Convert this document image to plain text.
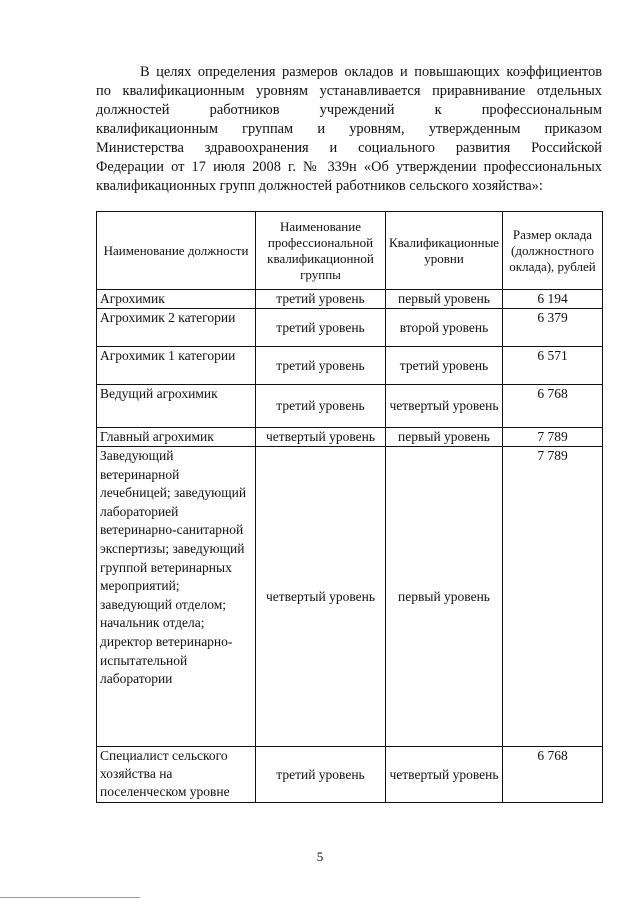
В целях определения размеров окладов и повышающих коэффициентов
по квалификационным уровням устанавливается приравнивание отдельных
должностей работников учреждений к профессиональным
квалификационным группам и уровням, утвержденным приказом
Министерства здравоохранения и социального развития Российской
Федерации от 17 июля 2008 г. № 339н «Об утверждении профессиональных
квалификационных групп должностей работников сельского хозяйства»:
Наименование должности	Наименование профессиональной квалификационной группы	Квалификационные уровни	Размер оклада (должностного оклада), рублей
Агрохимик	третий уровень	первый уровень	6 194
Агрохимик 2 категории	третий уровень	второй уровень	6 379
Агрохимик 1 категории	третий уровень	третий уровень	6 571
Ведущий агрохимик	третий уровень	четвертый уровень	6 768
Главный агрохимик	четвертый уровень	первый уровень	7 789
Заведующий ветеринарной лечебницей; заведующий лабораторией ветеринарно-санитарной экспертизы; заведующий группой ветеринарных мероприятий; заведующий отделом; начальник отдела; директор ветеринарно-испытательной лаборатории	четвертый уровень	первый уровень	7 789
Специалист сельского хозяйства на поселенческом уровне	третий уровень	четвертый уровень	6 768
5
